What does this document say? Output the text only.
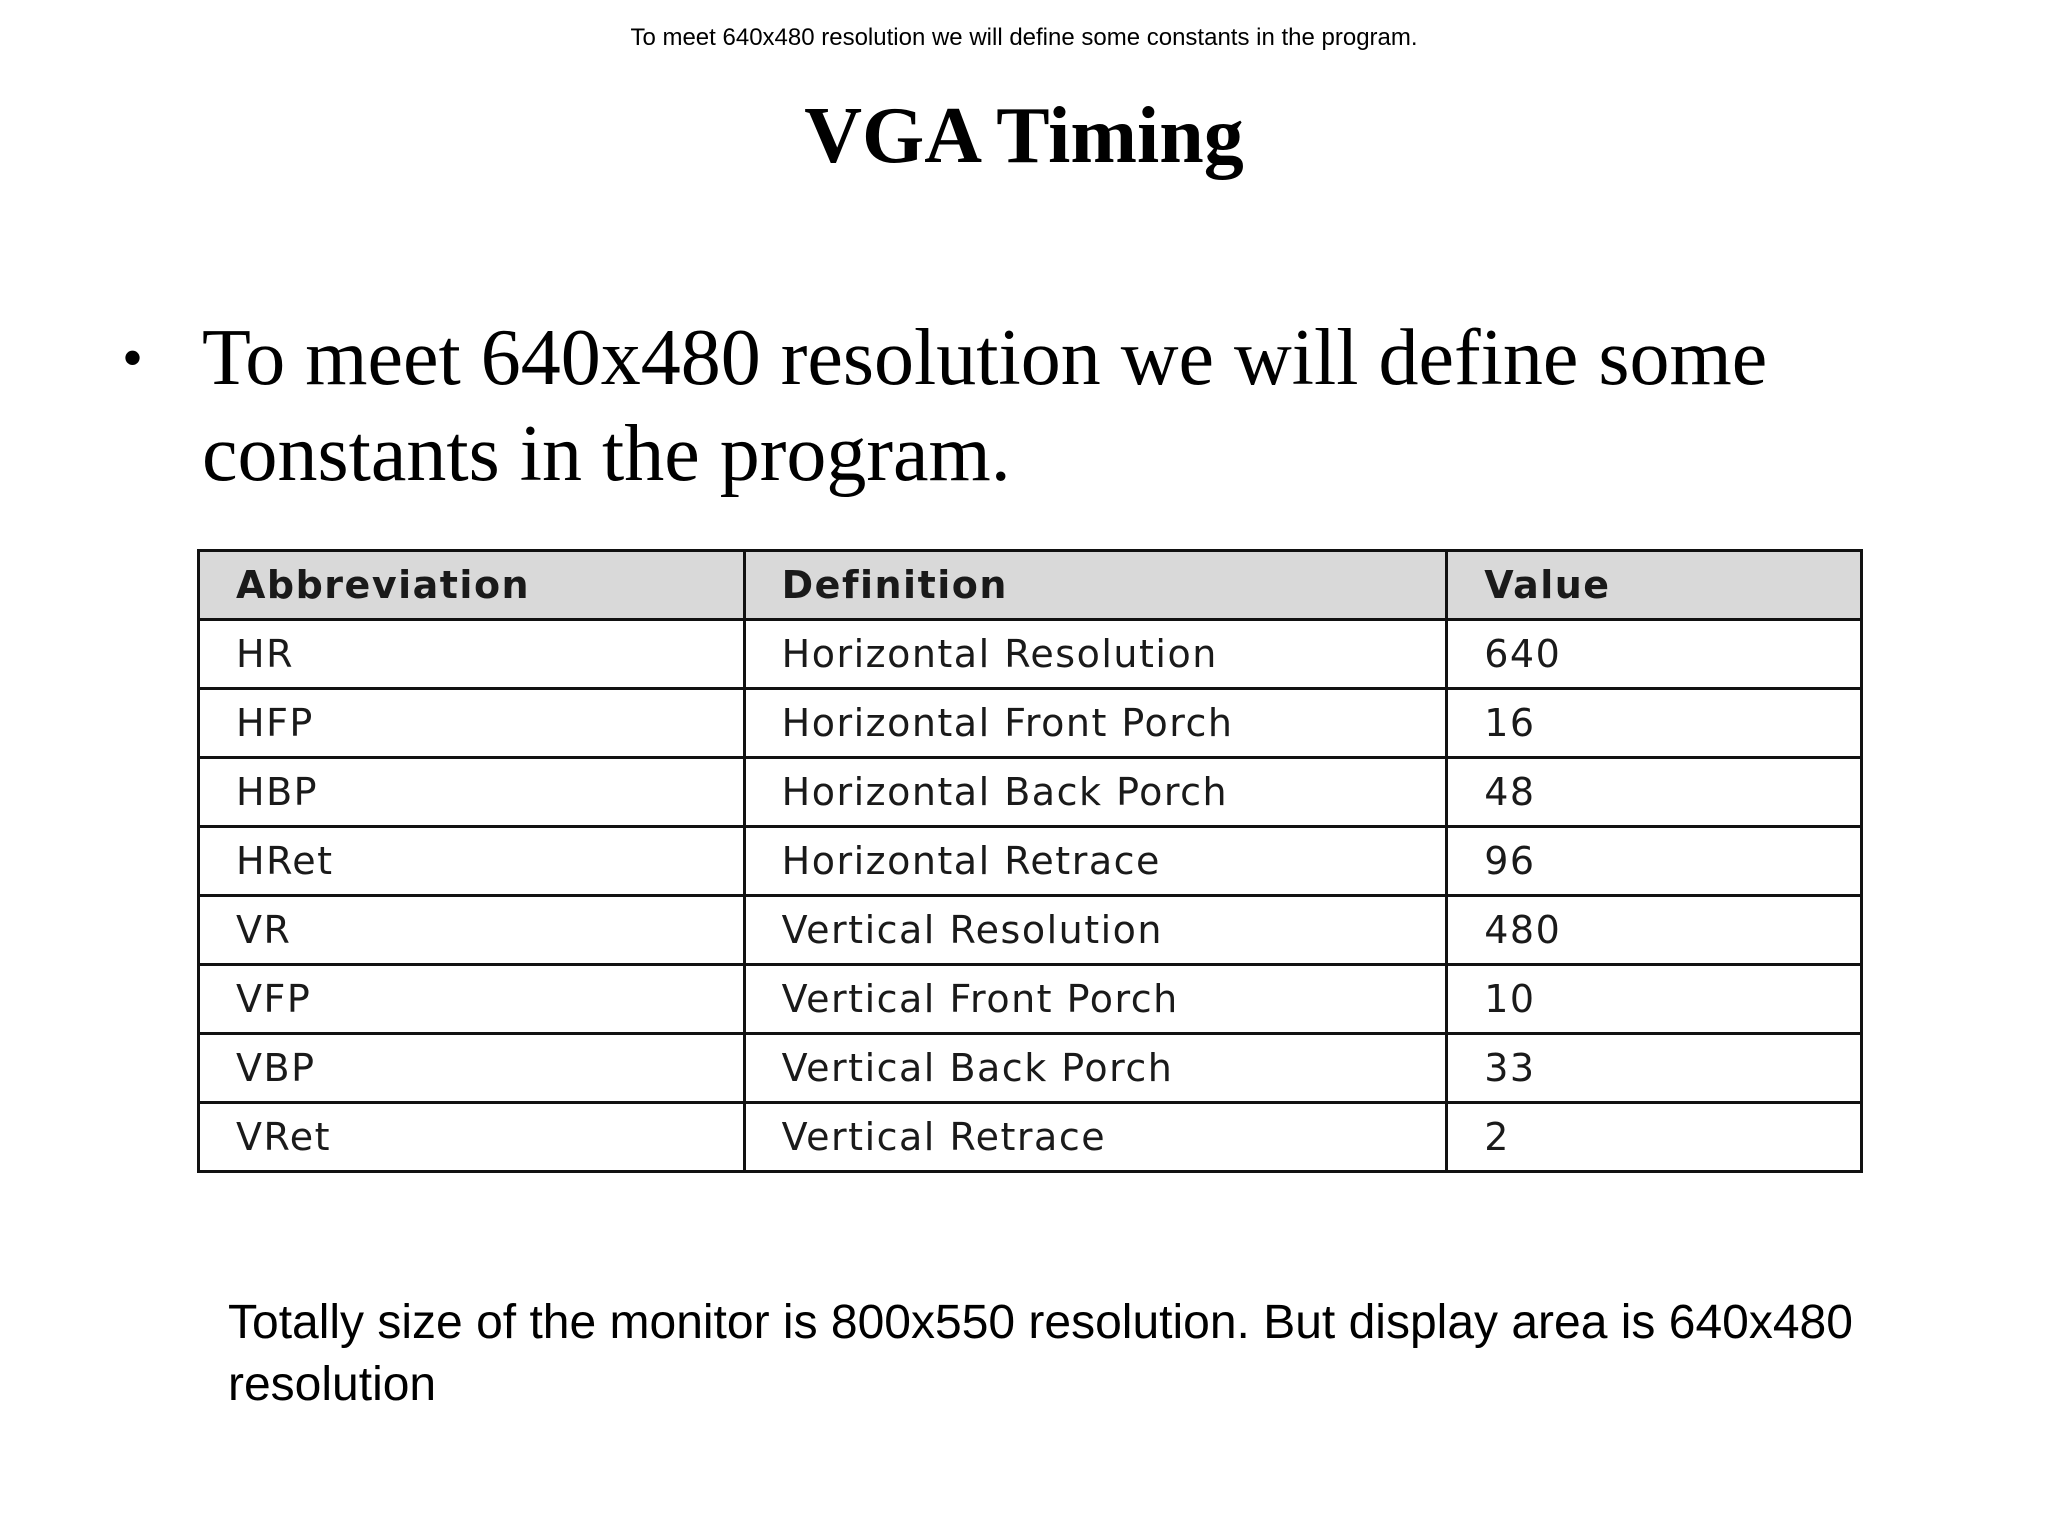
To meet 640x480 resolution we will define some constants in the program.
VGA Timing
• To meet 640x480 resolution we will define some constants in the program.
Abbreviation	Definition	Value
HR	Horizontal Resolution	640
HFP	Horizontal Front Porch	16
HBP	Horizontal Back Porch	48
HRet	Horizontal Retrace	96
VR	Vertical Resolution	480
VFP	Vertical Front Porch	10
VBP	Vertical Back Porch	33
VRet	Vertical Retrace	2

Totally size of the monitor is 800x550 resolution. But display area is 640x480 resolution
